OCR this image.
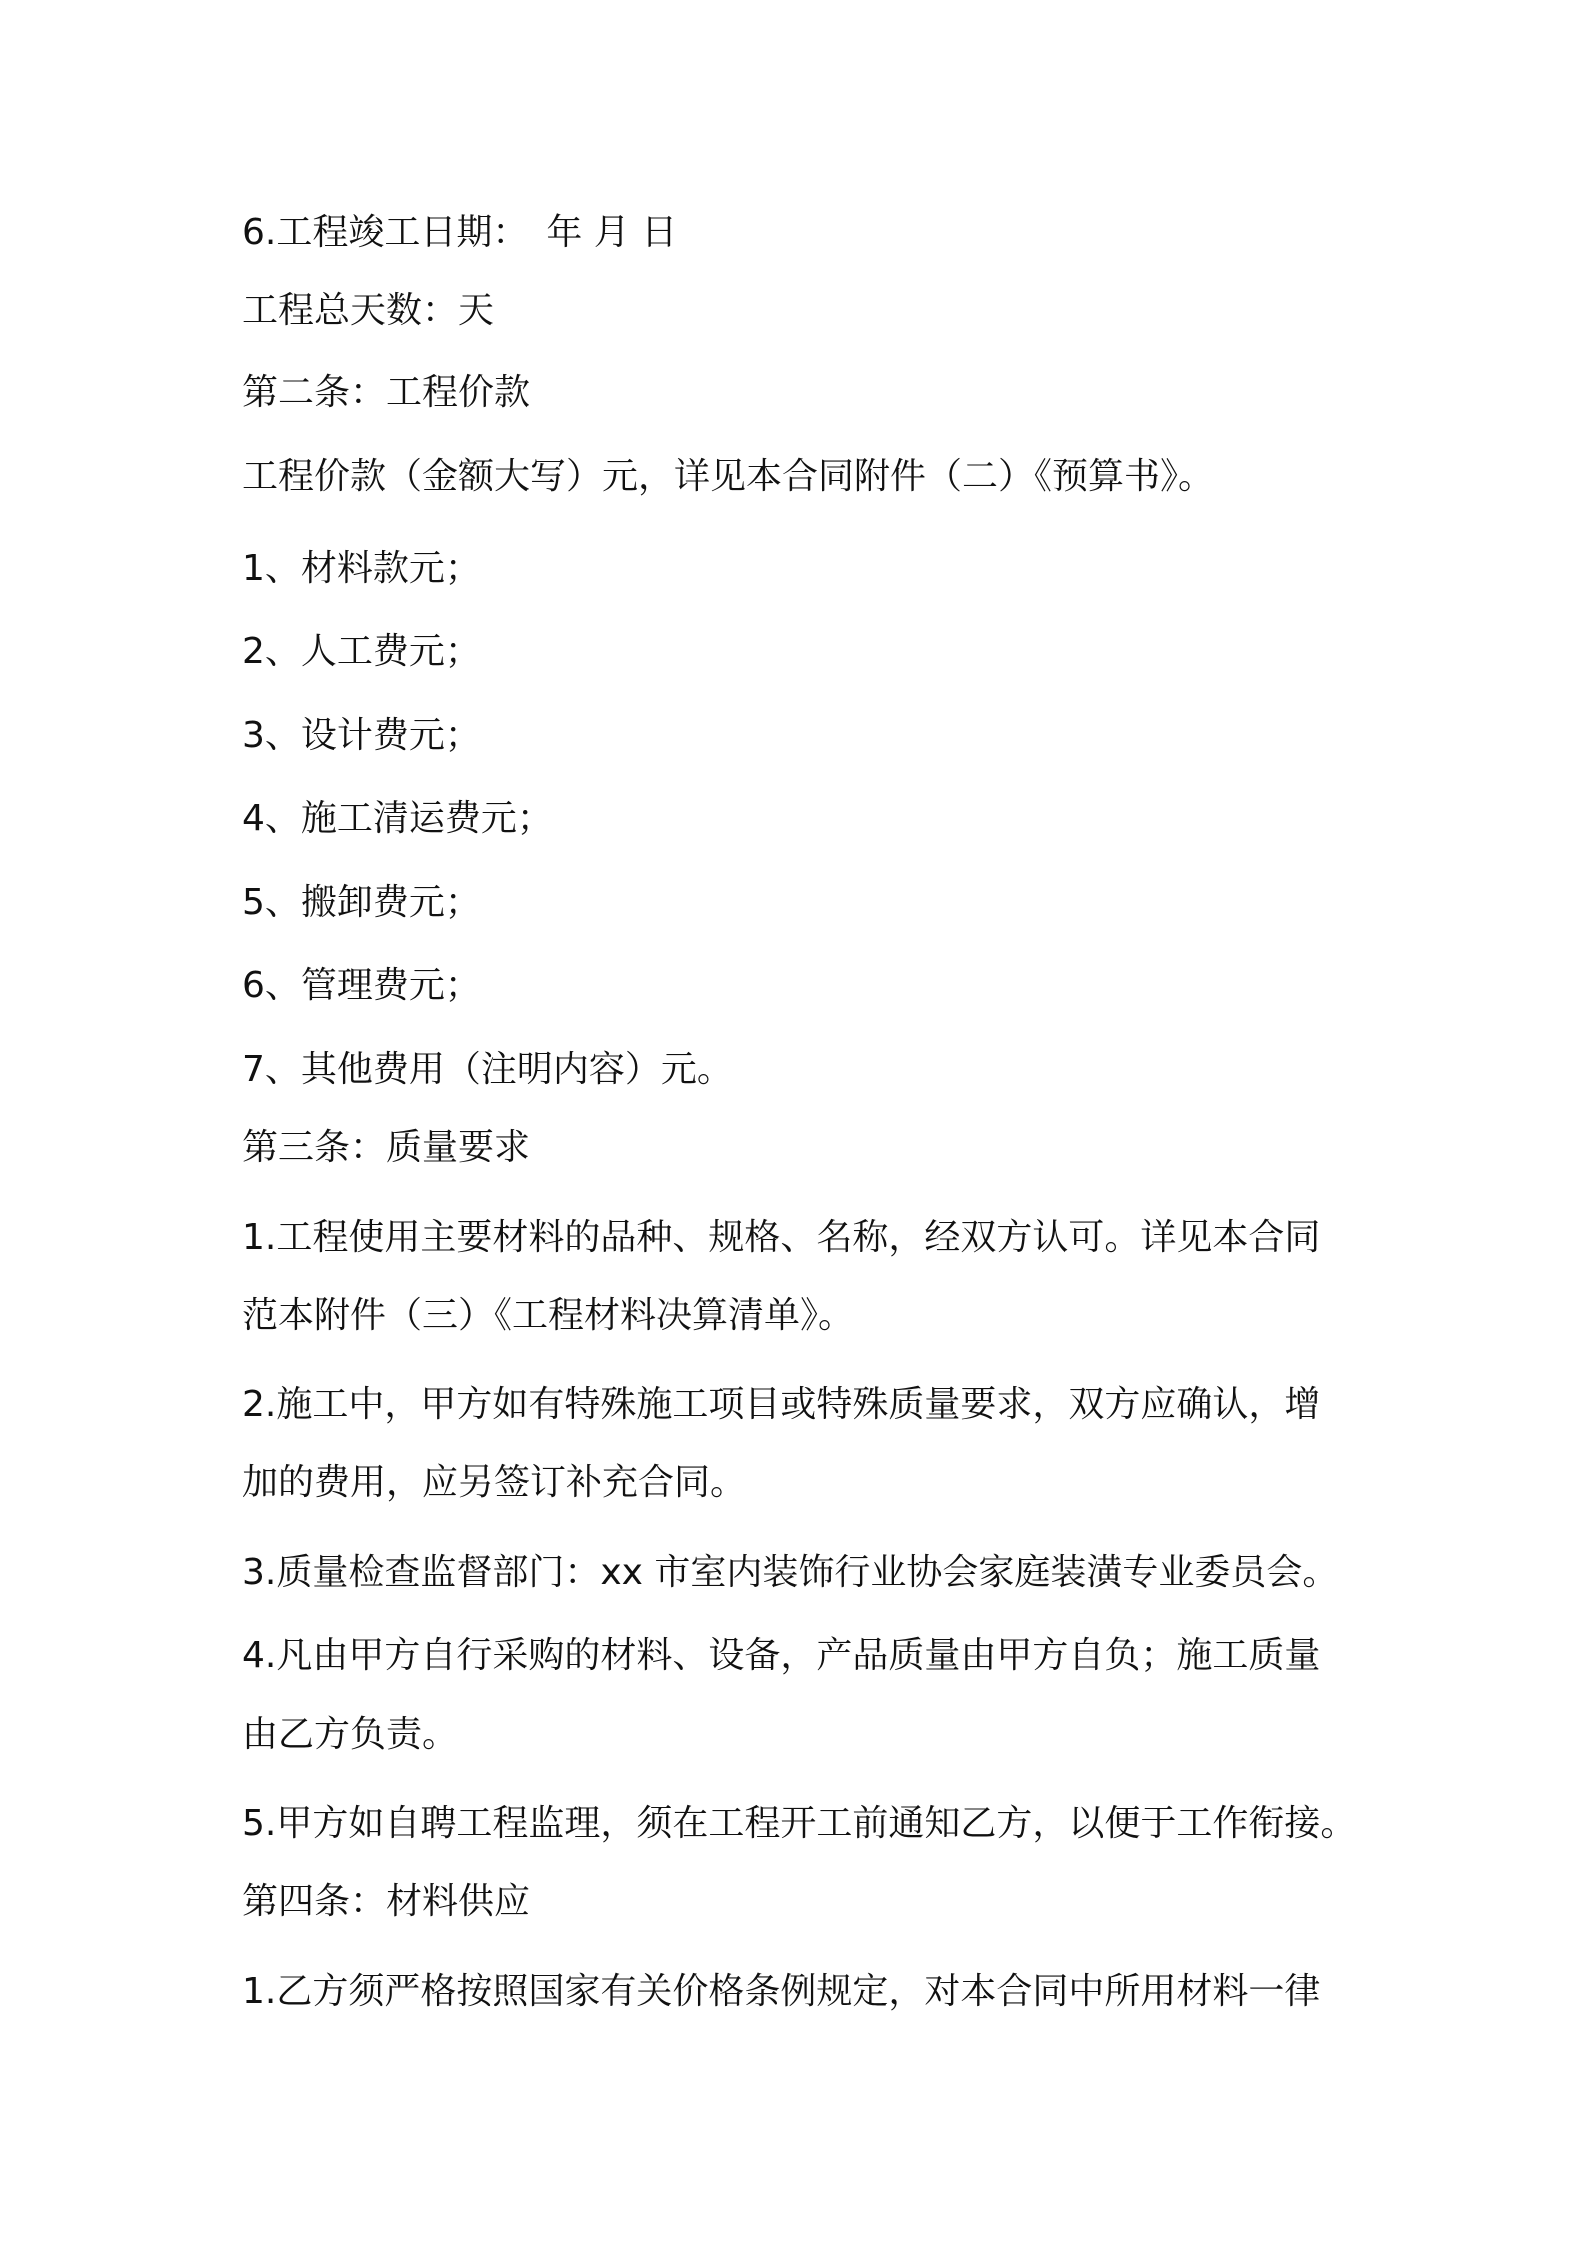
6.工程竣工日期：　年 月 日
工程总天数：天
第二条：工程价款
工程价款（金额大写）元，详见本合同附件（二）《预算书》。
1、材料款元；
2、人工费元；
3、设计费元；
4、施工清运费元；
5、搬卸费元；
6、管理费元；
7、其他费用（注明内容）元。
第三条：质量要求
1.工程使用主要材料的品种、规格、名称，经双方认可。详见本合同
范本附件（三）《工程材料决算清单》。
2.施工中，甲方如有特殊施工项目或特殊质量要求，双方应确认，增
加的费用，应另签订补充合同。
3.质量检查监督部门：xx 市室内装饰行业协会家庭装潢专业委员会。
4.凡由甲方自行采购的材料、设备，产品质量由甲方自负；施工质量
由乙方负责。
5.甲方如自聘工程监理，须在工程开工前通知乙方，以便于工作衔接。
第四条：材料供应
1.乙方须严格按照国家有关价格条例规定，对本合同中所用材料一律
